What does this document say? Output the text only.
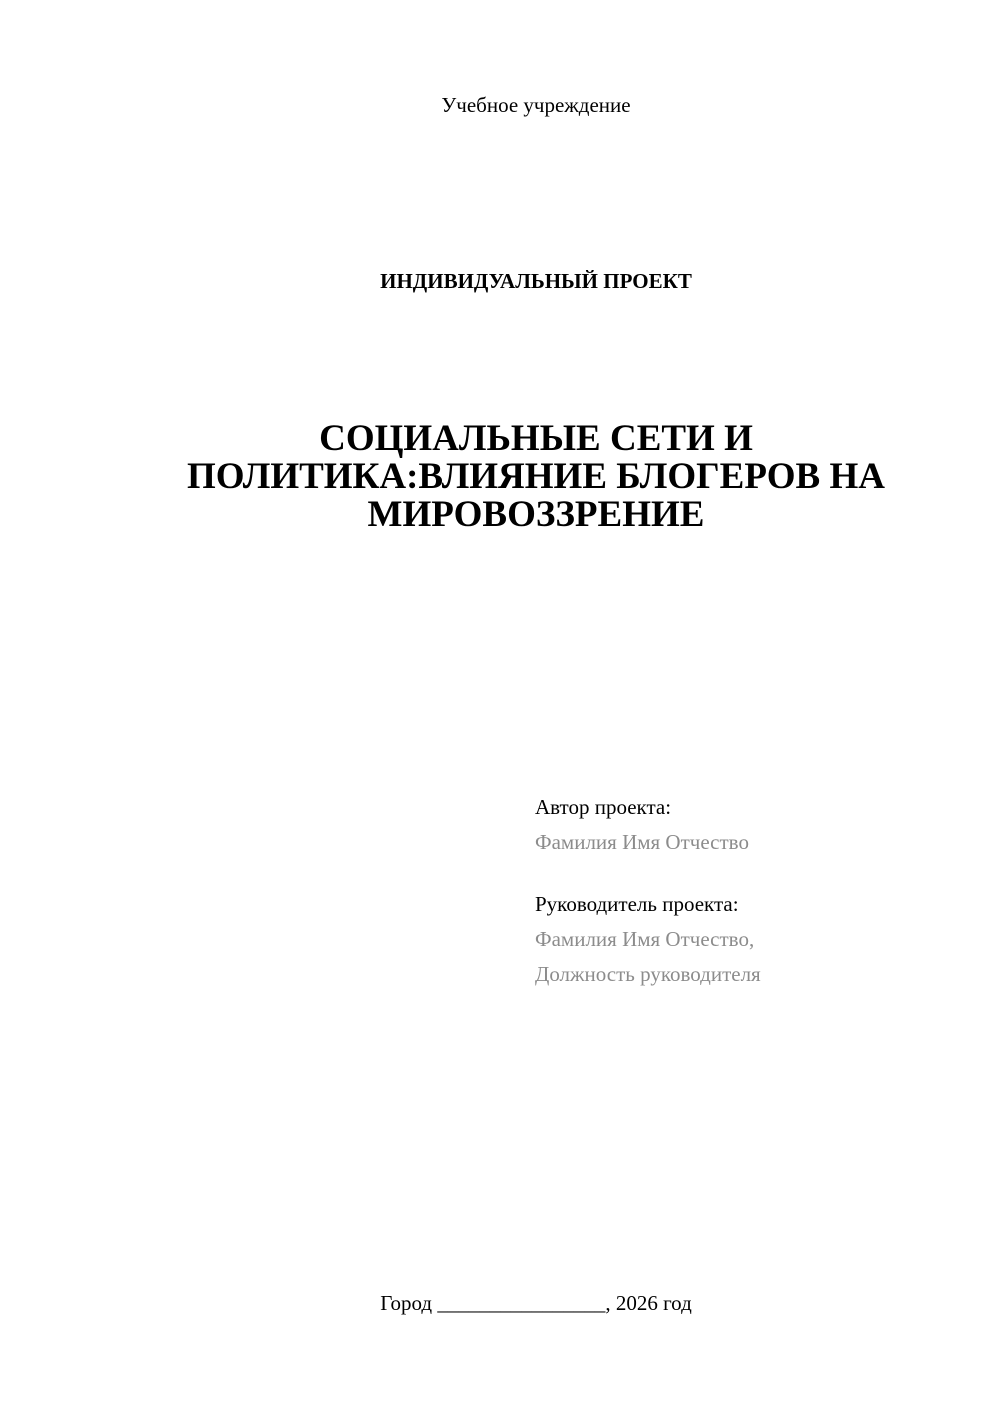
Учебное учреждение
ИНДИВИДУАЛЬНЫЙ ПРОЕКТ
СОЦИАЛЬНЫЕ СЕТИ И
ПОЛИТИКА:ВЛИЯНИЕ БЛОГЕРОВ НА
МИРОВОЗЗРЕНИЕ
Автор проекта:
Фамилия Имя Отчество
Руководитель проекта:
Фамилия Имя Отчество,
Должность руководителя
Город ________________, 2026 год
